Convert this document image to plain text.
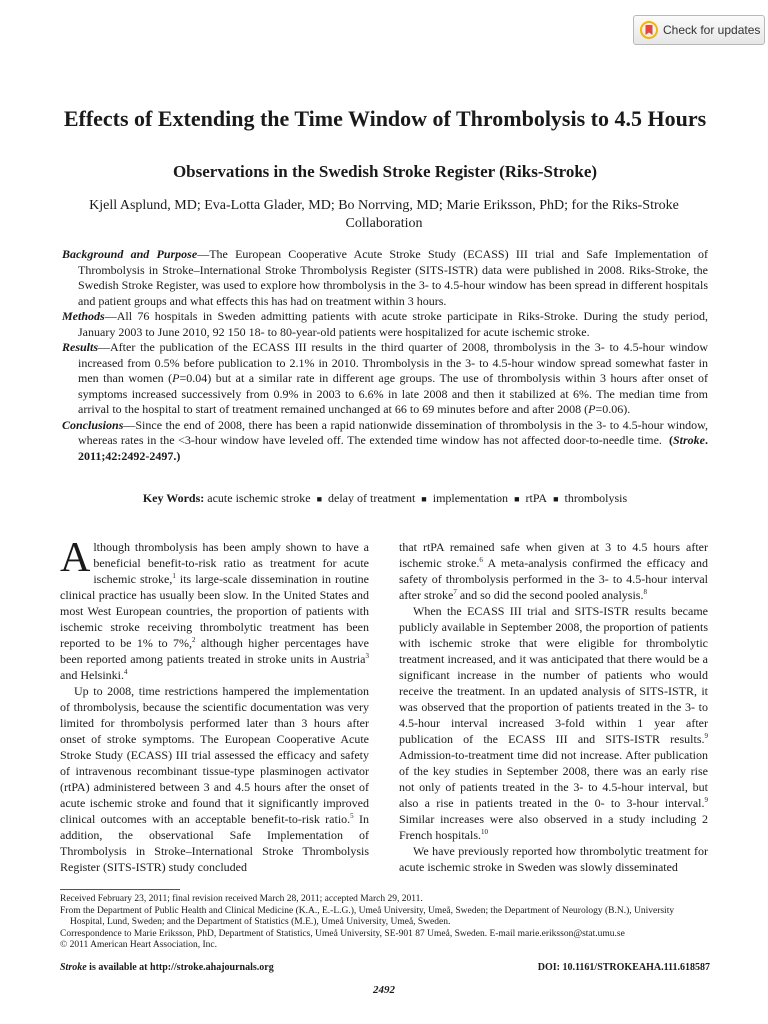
Check for updates
Effects of Extending the Time Window of Thrombolysis to 4.5 Hours
Observations in the Swedish Stroke Register (Riks-Stroke)
Kjell Asplund, MD; Eva-Lotta Glader, MD; Bo Norrving, MD; Marie Eriksson, PhD; for the Riks-Stroke Collaboration

Background and Purpose—The European Cooperative Acute Stroke Study (ECASS) III trial and Safe Implementation of Thrombolysis in Stroke–International Stroke Thrombolysis Register (SITS-ISTR) data were published in 2008. Riks-Stroke, the Swedish Stroke Register, was used to explore how thrombolysis in the 3- to 4.5-hour window has been spread in different hospitals and patient groups and what effects this has had on treatment within 3 hours.

Methods—All 76 hospitals in Sweden admitting patients with acute stroke participate in Riks-Stroke. During the study period, January 2003 to June 2010, 92 150 18- to 80-year-old patients were hospitalized for acute ischemic stroke.

Results—After the publication of the ECASS III results in the third quarter of 2008, thrombolysis in the 3- to 4.5-hour window increased from 0.5% before publication to 2.1% in 2010. Thrombolysis in the 3- to 4.5-hour window spread somewhat faster in men than women (P=0.04) but at a similar rate in different age groups. The use of thrombolysis within 3 hours after onset of symptoms increased successively from 0.9% in 2003 to 6.6% in late 2008 and then it stabilized at 6%. The median time from arrival to the hospital to start of treatment remained unchanged at 66 to 69 minutes before and after 2008 (P=0.06).

Conclusions—Since the end of 2008, there has been a rapid nationwide dissemination of thrombolysis in the 3- to 4.5-hour window, whereas rates in the <3-hour window have leveled off. The extended time window has not affected door-to-needle time. (Stroke. 2011;42:2492-2497.)

Key Words: acute ischemic stroke ■ delay of treatment ■ implementation ■ rtPA ■ thrombolysis

Although thrombolysis has been amply shown to have a beneficial benefit-to-risk ratio as treatment for acute ischemic stroke,$^1$ its large-scale dissemination in routine clinical practice has usually been slow. In the United States and most West European countries, the proportion of patients with ischemic stroke receiving thrombolytic treatment has been reported to be 1% to 7%,$^2$ although higher percentages have been reported among patients treated in stroke units in Austria$^3$ and Helsinki.$^4$

Up to 2008, time restrictions hampered the implementation of thrombolysis, because the scientific documentation was very limited for thrombolysis performed later than 3 hours after onset of stroke symptoms. The European Cooperative Acute Stroke Study (ECASS) III trial assessed the efficacy and safety of intravenous recombinant tissue-type plasminogen activator (rtPA) administered between 3 and 4.5 hours after the onset of acute ischemic stroke and found that it significantly improved clinical outcomes with an acceptable benefit-to-risk ratio.$^5$ In addition, the observational Safe Implementation of Thrombolysis in Stroke–International Stroke Thrombolysis Register (SITS-ISTR) study concluded

that rtPA remained safe when given at 3 to 4.5 hours after ischemic stroke.$^6$ A meta-analysis confirmed the efficacy and safety of thrombolysis performed in the 3- to 4.5-hour interval after stroke$^7$ and so did the second pooled analysis.$^8$

When the ECASS III trial and SITS-ISTR results became publicly available in September 2008, the proportion of patients with ischemic stroke that were eligible for thrombolytic treatment increased, and it was anticipated that there would be a significant increase in the number of patients who would receive the treatment. In an updated analysis of SITS-ISTR, it was observed that the proportion of patients treated in the 3- to 4.5-hour interval increased 3-fold within 1 year after publication of the ECASS III and SITS-ISTR results.$^9$ Admission-to-treatment time did not increase. After publication of the key studies in September 2008, there was an early rise not only of patients treated in the 3- to 4.5-hour interval, but also a rise in patients treated in the 0- to 3-hour interval.$^9$ Similar increases were also observed in a study including 2 French hospitals.$^{10}$

We have previously reported how thrombolytic treatment for acute ischemic stroke in Sweden was slowly disseminated

Received February 23, 2011; final revision received March 28, 2011; accepted March 29, 2011.

From the Department of Public Health and Clinical Medicine (K.A., E.-L.G.), Umeå University, Umeå, Sweden; the Department of Neurology (B.N.), University Hospital, Lund, Sweden; and the Department of Statistics (M.E.), Umeå University, Umeå, Sweden.

Correspondence to Marie Eriksson, PhD, Department of Statistics, Umeå University, SE-901 87 Umeå, Sweden. E-mail marie.eriksson@stat.umu.se

© 2011 American Heart Association, Inc.

Stroke is available at http://stroke.ahajournals.org	DOI: 10.1161/STROKEAHA.111.618587
2492
